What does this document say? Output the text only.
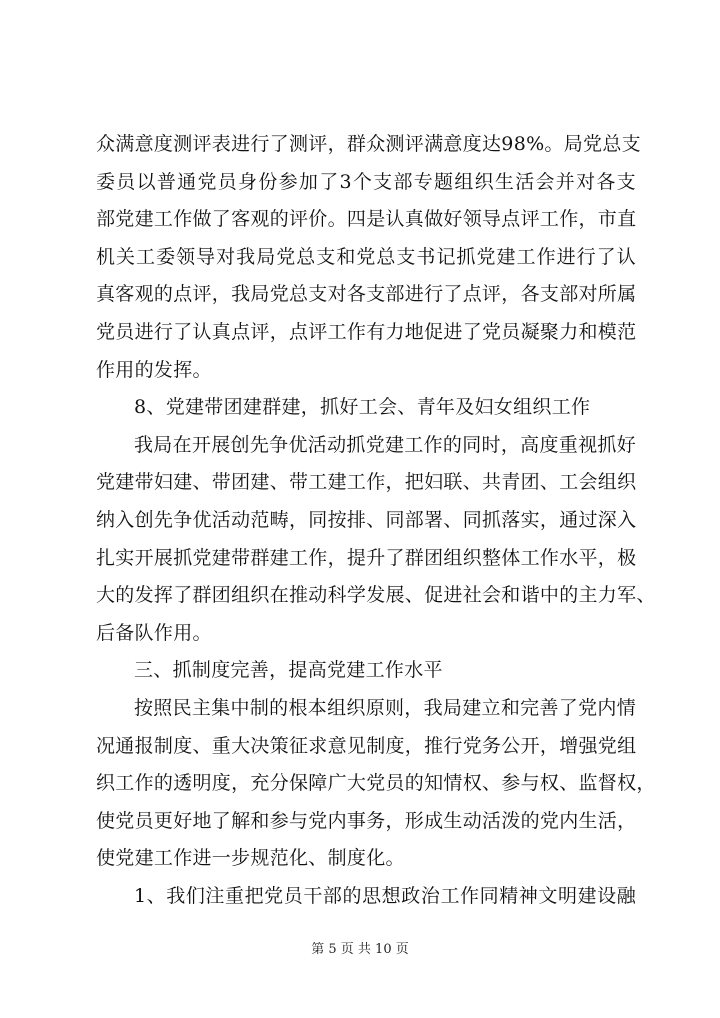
众满意度测评表进行了测评，群众测评满意度达98%。局党总支
委员以普通党员身份参加了3个支部专题组织生活会并对各支
部党建工作做了客观的评价。四是认真做好领导点评工作，市直
机关工委领导对我局党总支和党总支书记抓党建工作进行了认
真客观的点评，我局党总支对各支部进行了点评，各支部对所属
党员进行了认真点评，点评工作有力地促进了党员凝聚力和模范
作用的发挥。
8、党建带团建群建，抓好工会、青年及妇女组织工作
我局在开展创先争优活动抓党建工作的同时，高度重视抓好
党建带妇建、带团建、带工建工作，把妇联、共青团、工会组织
纳入创先争优活动范畴，同按排、同部署、同抓落实，通过深入
扎实开展抓党建带群建工作，提升了群团组织整体工作水平，极
大的发挥了群团组织在推动科学发展、促进社会和谐中的主力军、
后备队作用。
三、抓制度完善，提高党建工作水平
按照民主集中制的根本组织原则，我局建立和完善了党内情
况通报制度、重大决策征求意见制度，推行党务公开，增强党组
织工作的透明度，充分保障广大党员的知情权、参与权、监督权，
使党员更好地了解和参与党内事务，形成生动活泼的党内生活，
使党建工作进一步规范化、制度化。
1、我们注重把党员干部的思想政治工作同精神文明建设融
第 5 页 共 10 页
